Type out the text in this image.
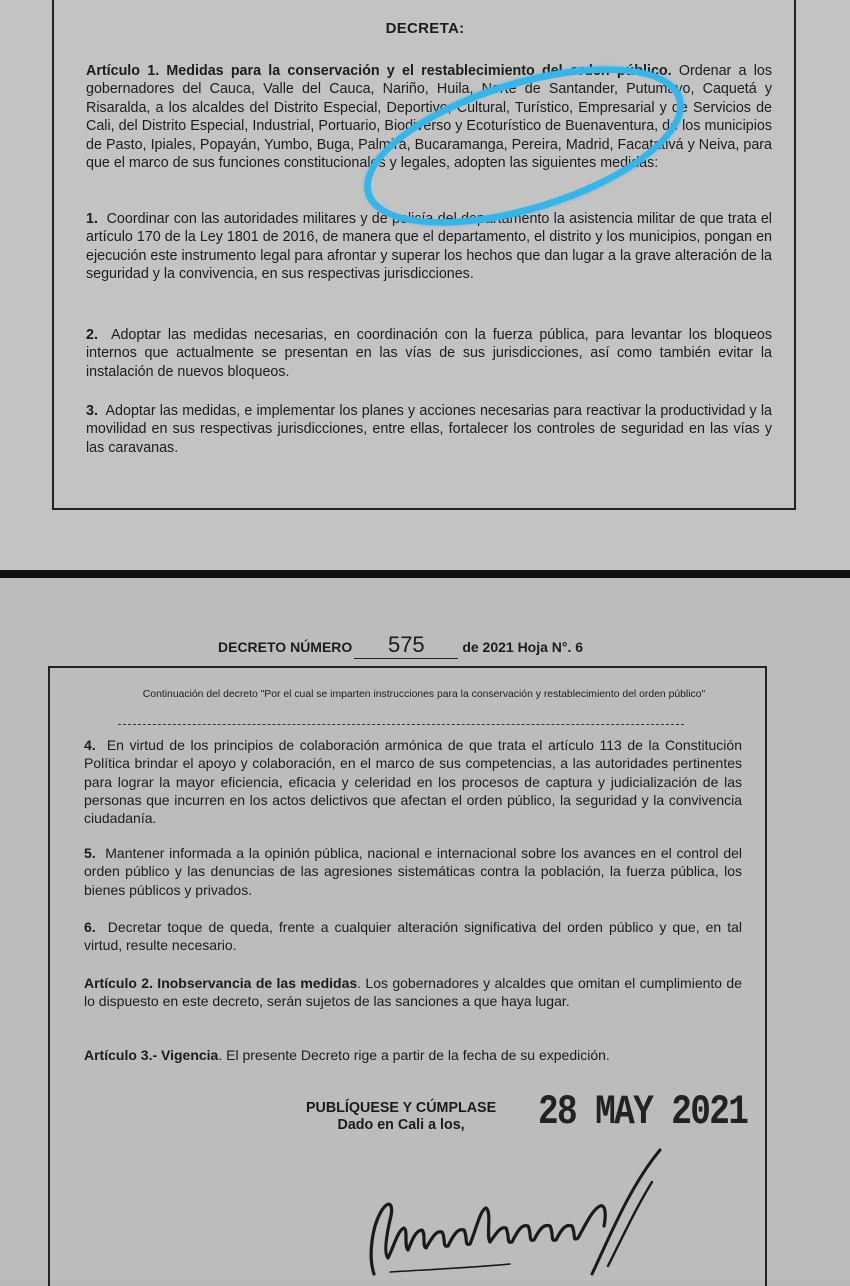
DECRETA:
Artículo 1. Medidas para la conservación y el restablecimiento del orden público. Ordenar a los gobernadores del Cauca, Valle del Cauca, Nariño, Huila, Norte de Santander, Putumayo, Caquetá y Risaralda, a los alcaldes del Distrito Especial, Deportivo, Cultural, Turístico, Empresarial y de Servicios de Cali, del Distrito Especial, Industrial, Portuario, Biodiverso y Ecoturístico de Buenaventura, de los municipios de Pasto, Ipiales, Popayán, Yumbo, Buga, Palmira, Bucaramanga, Pereira, Madrid, Facatativá y Neiva, para que el marco de sus funciones constitucionales y legales, adopten las siguientes medidas:
1. Coordinar con las autoridades militares y de policía del departamento la asistencia militar de que trata el artículo 170 de la Ley 1801 de 2016, de manera que el departamento, el distrito y los municipios, pongan en ejecución este instrumento legal para afrontar y superar los hechos que dan lugar a la grave alteración de la seguridad y la convivencia, en sus respectivas jurisdicciones.
2. Adoptar las medidas necesarias, en coordinación con la fuerza pública, para levantar los bloqueos internos que actualmente se presentan en las vías de sus jurisdicciones, así como también evitar la instalación de nuevos bloqueos.
3. Adoptar las medidas, e implementar los planes y acciones necesarias para reactivar la productividad y la movilidad en sus respectivas jurisdicciones, entre ellas, fortalecer los controles de seguridad en las vías y las caravanas.
DECRETO NÚMERO	575	de 2021 Hoja N°. 6
Continuación del decreto "Por el cual se imparten instrucciones para la conservación y restablecimiento del orden público"
4. En virtud de los principios de colaboración armónica de que trata el artículo 113 de la Constitución Política brindar el apoyo y colaboración, en el marco de sus competencias, a las autoridades pertinentes para lograr la mayor eficiencia, eficacia y celeridad en los procesos de captura y judicialización de las personas que incurren en los actos delictivos que afectan el orden público, la seguridad y la convivencia ciudadanía.
5. Mantener informada a la opinión pública, nacional e internacional sobre los avances en el control del orden público y las denuncias de las agresiones sistemáticas contra la población, la fuerza pública, los bienes públicos y privados.
6. Decretar toque de queda, frente a cualquier alteración significativa del orden público y que, en tal virtud, resulte necesario.
Artículo 2. Inobservancia de las medidas. Los gobernadores y alcaldes que omitan el cumplimiento de lo dispuesto en este decreto, serán sujetos de las sanciones a que haya lugar.
Artículo 3.- Vigencia. El presente Decreto rige a partir de la fecha de su expedición.
PUBLÍQUESE Y CÚMPLASE
Dado en Cali a los,	28 MAY 2021
